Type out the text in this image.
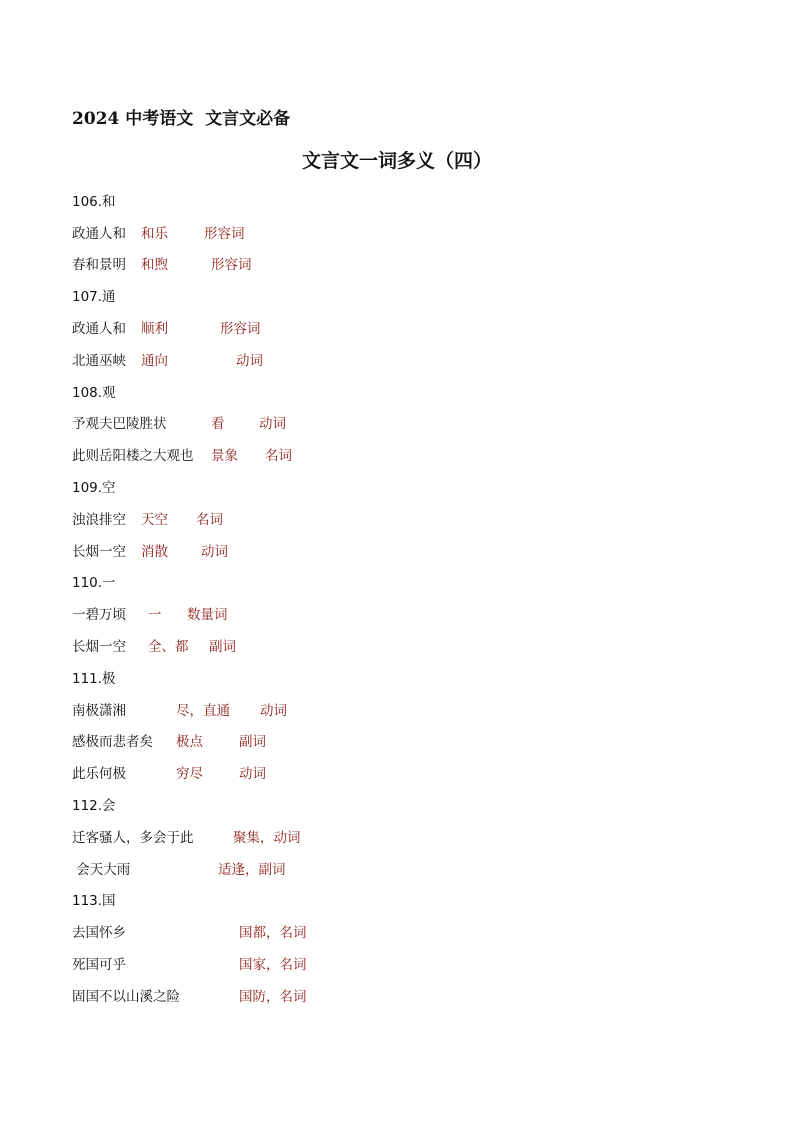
2024 中考语文  文言文必备
文言文一词多义（四）
106.和
政通人和 和乐	形容词
春和景明 和煦	形容词
107.通
政通人和 顺利	形容词
北通巫峡 通向	动词
108.观
予观夫巴陵胜状	看	动词
此则岳阳楼之大观也 景象 名词
109.空
浊浪排空 天空 名词
长烟一空 消散 动词
110.一
一碧万顷 一 数量词
长烟一空 全、都 副词
111.极
南极潇湘	尽，直通 动词
感极而悲者矣 极点	副词
此乐何极	穷尽	动词
112.会
迁客骚人，多会于此	聚集，动词
会天大雨	适逢，副词
113.国
去国怀乡	国都，名词
死国可乎	国家，名词
固国不以山溪之险	国防，名词
